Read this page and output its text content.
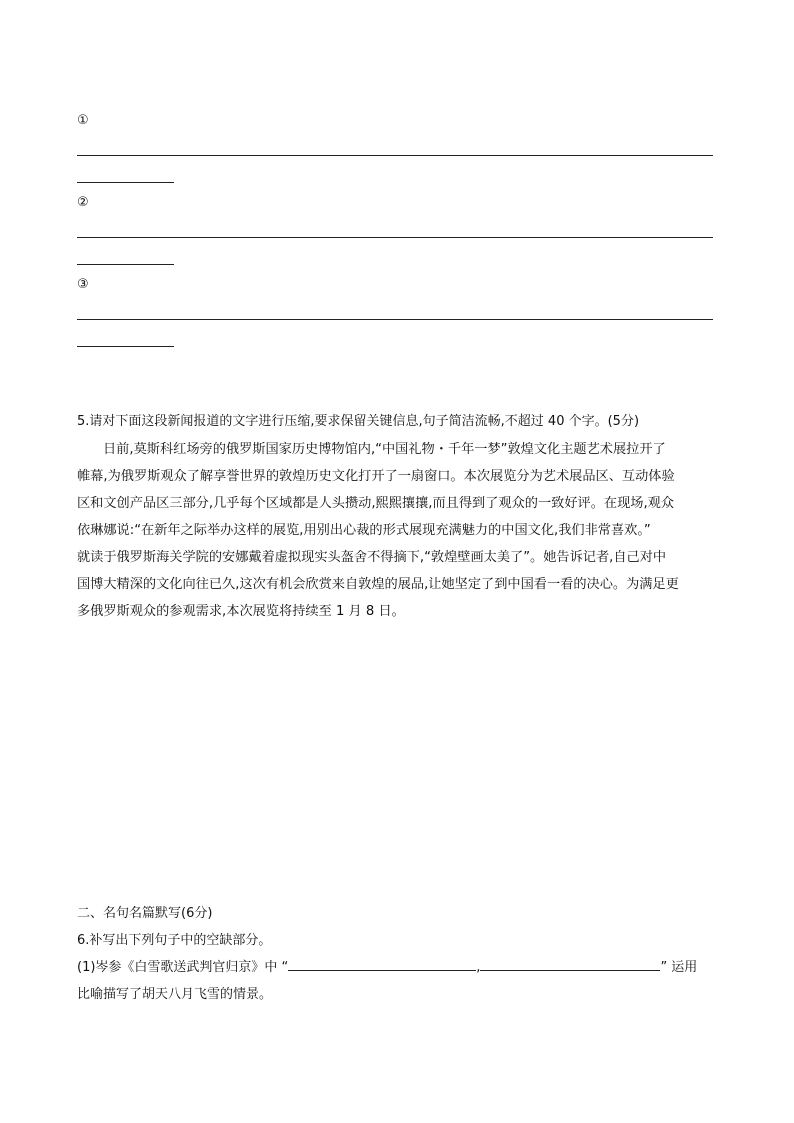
①
②
③
5.请对下面这段新闻报道的文字进行压缩,要求保留关键信息,句子简洁流畅,不超过 40 个字。(5分)
日前,莫斯科红场旁的俄罗斯国家历史博物馆内,“中国礼物・千年一梦”敦煌文化主题艺术展拉开了
帷幕,为俄罗斯观众了解享誉世界的敦煌历史文化打开了一扇窗口。本次展览分为艺术展品区、互动体验
区和文创产品区三部分,几乎每个区域都是人头攒动,熙熙攘攘,而且得到了观众的一致好评。在现场,观众
依琳娜说:“在新年之际举办这样的展览,用别出心裁的形式展现充满魅力的中国文化,我们非常喜欢。”
就读于俄罗斯海关学院的安娜戴着虚拟现实头盔舍不得摘下,“敦煌壁画太美了”。她告诉记者,自己对中
国博大精深的文化向往已久,这次有机会欣赏来自敦煌的展品,让她坚定了到中国看一看的决心。为满足更
多俄罗斯观众的参观需求,本次展览将持续至 1 月 8 日。
二、名句名篇默写(6分)
6.补写出下列句子中的空缺部分。
(1)岑参《白雪歌送武判官归京》中 “	,	” 运用
比喻描写了胡天八月飞雪的情景。
